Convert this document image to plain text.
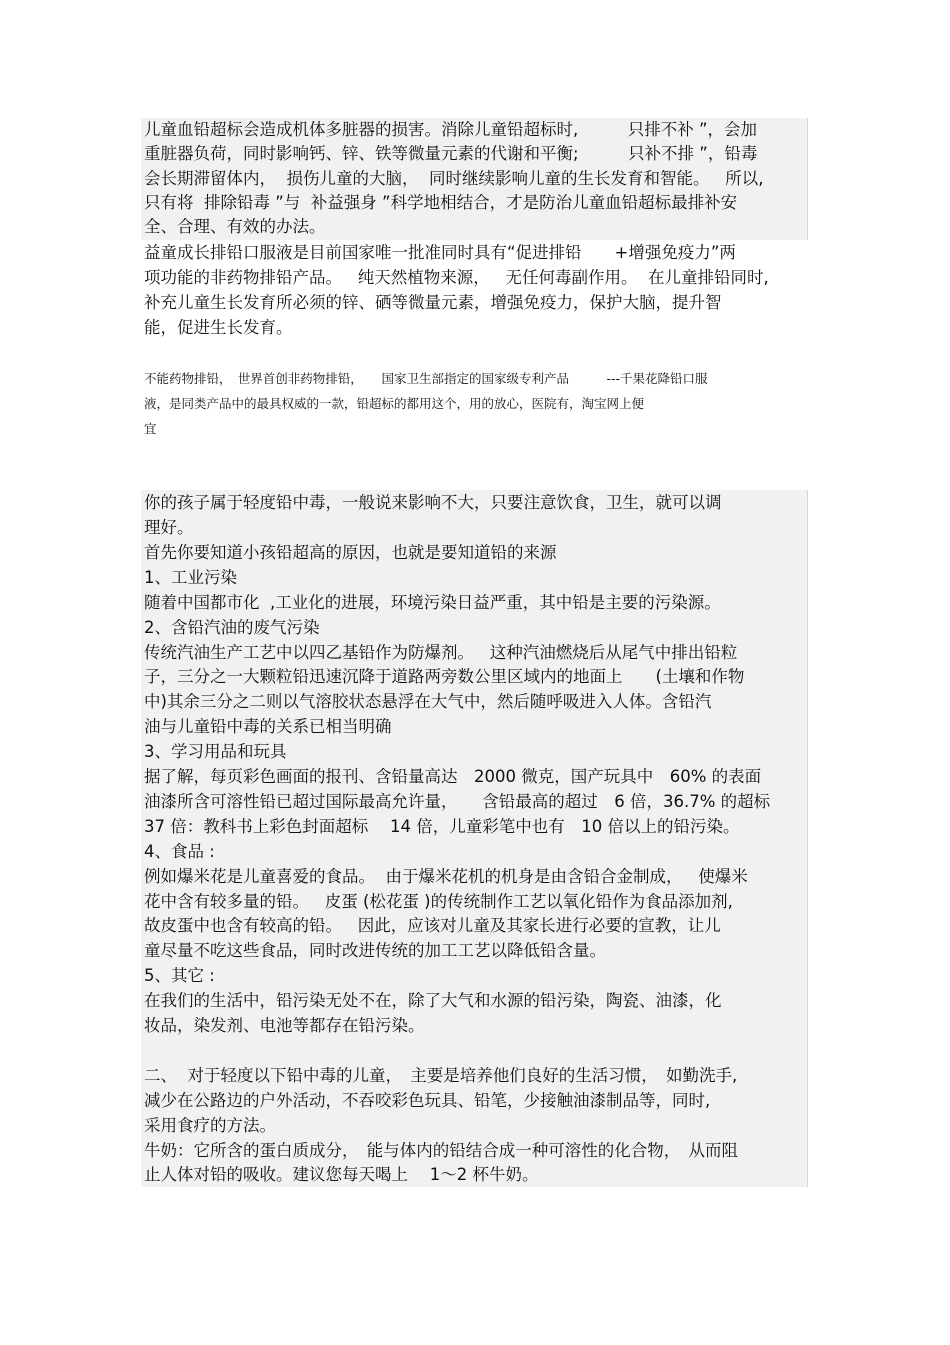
儿童血铅超标会造成机体多脏器的损害。消除儿童铅超标时,　　　只排不补 ”，会加
重脏器负荷，同时影响钙、锌、铁等微量元素的代谢和平衡;　　　只补不排 ”，铅毒
会长期滞留体内，  损伤儿童的大脑，  同时继续影响儿童的生长发育和智能。   所以,
只有将  排除铅毒 ”与  补益强身 ”科学地相结合，才是防治儿童血铅超标最排补安
全、合理、有效的办法。
益童成长排铅口服液是目前国家唯一批准同时具有“促进排铅　　+增强免疫力”两
项功能的非药物排铅产品。   纯天然植物来源，   无任何毒副作用。  在儿童排铅同时,
补充儿童生长发育所必须的锌、硒等微量元素，增强免疫力，保护大脑，提升智
能，促进生长发育。
不能药物排铅，　世界首创非药物排铅，　　国家卫生部指定的国家级专利产品　　　---千果花降铅口服
液，是同类产品中的最具权威的一款，铅超标的都用这个，用的放心，医院有，淘宝网上便
宜
你的孩子属于轻度铅中毒，一般说来影响不大，只要注意饮食，卫生，就可以调
理好。
首先你要知道小孩铅超高的原因，也就是要知道铅的来源
1、工业污染
随着中国都市化  ,工业化的进展，环境污染日益严重，其中铅是主要的污染源。
2、含铅汽油的废气污染
传统汽油生产工艺中以四乙基铅作为防爆剂。   这种汽油燃烧后从尾气中排出铅粒
子，三分之一大颗粒铅迅速沉降于道路两旁数公里区域内的地面上　　(土壤和作物
中)其余三分之二则以气溶胶状态悬浮在大气中，然后随呼吸进入人体。含铅汽
油与儿童铅中毒的关系已相当明确
3、学习用品和玩具
据了解，每页彩色画面的报刊、含铅量高达　2000 微克，国产玩具中　60% 的表面
油漆所含可溶性铅已超过国际最高允许量，　　含铅最高的超过　6 倍，36.7% 的超标
37 倍：教科书上彩色封面超标　 14 倍，儿童彩笔中也有　10 倍以上的铅污染。
4、食品 :
例如爆米花是儿童喜爱的食品。  由于爆米花机的机身是由含铅合金制成，   使爆米
花中含有较多量的铅。   皮蛋 (松花蛋 )的传统制作工艺以氧化铅作为食品添加剂,
故皮蛋中也含有较高的铅。   因此，应该对儿童及其家长进行必要的宣教，让儿
童尽量不吃这些食品，同时改进传统的加工工艺以降低铅含量。
5、其它 :
在我们的生活中，铅污染无处不在，除了大气和水源的铅污染，陶瓷、油漆，化
妆品，染发剂、电池等都存在铅污染。
二、  对于轻度以下铅中毒的儿童，　主要是培养他们良好的生活习惯，　如勤洗手,
减少在公路边的户外活动，不吞咬彩色玩具、铅笔，少接触油漆制品等，同时,
采用食疗的方法。
牛奶：它所含的蛋白质成分，　能与体内的铅结合成一种可溶性的化合物，　从而阻
止人体对铅的吸收。建议您每天喝上　 1～2 杯牛奶。
